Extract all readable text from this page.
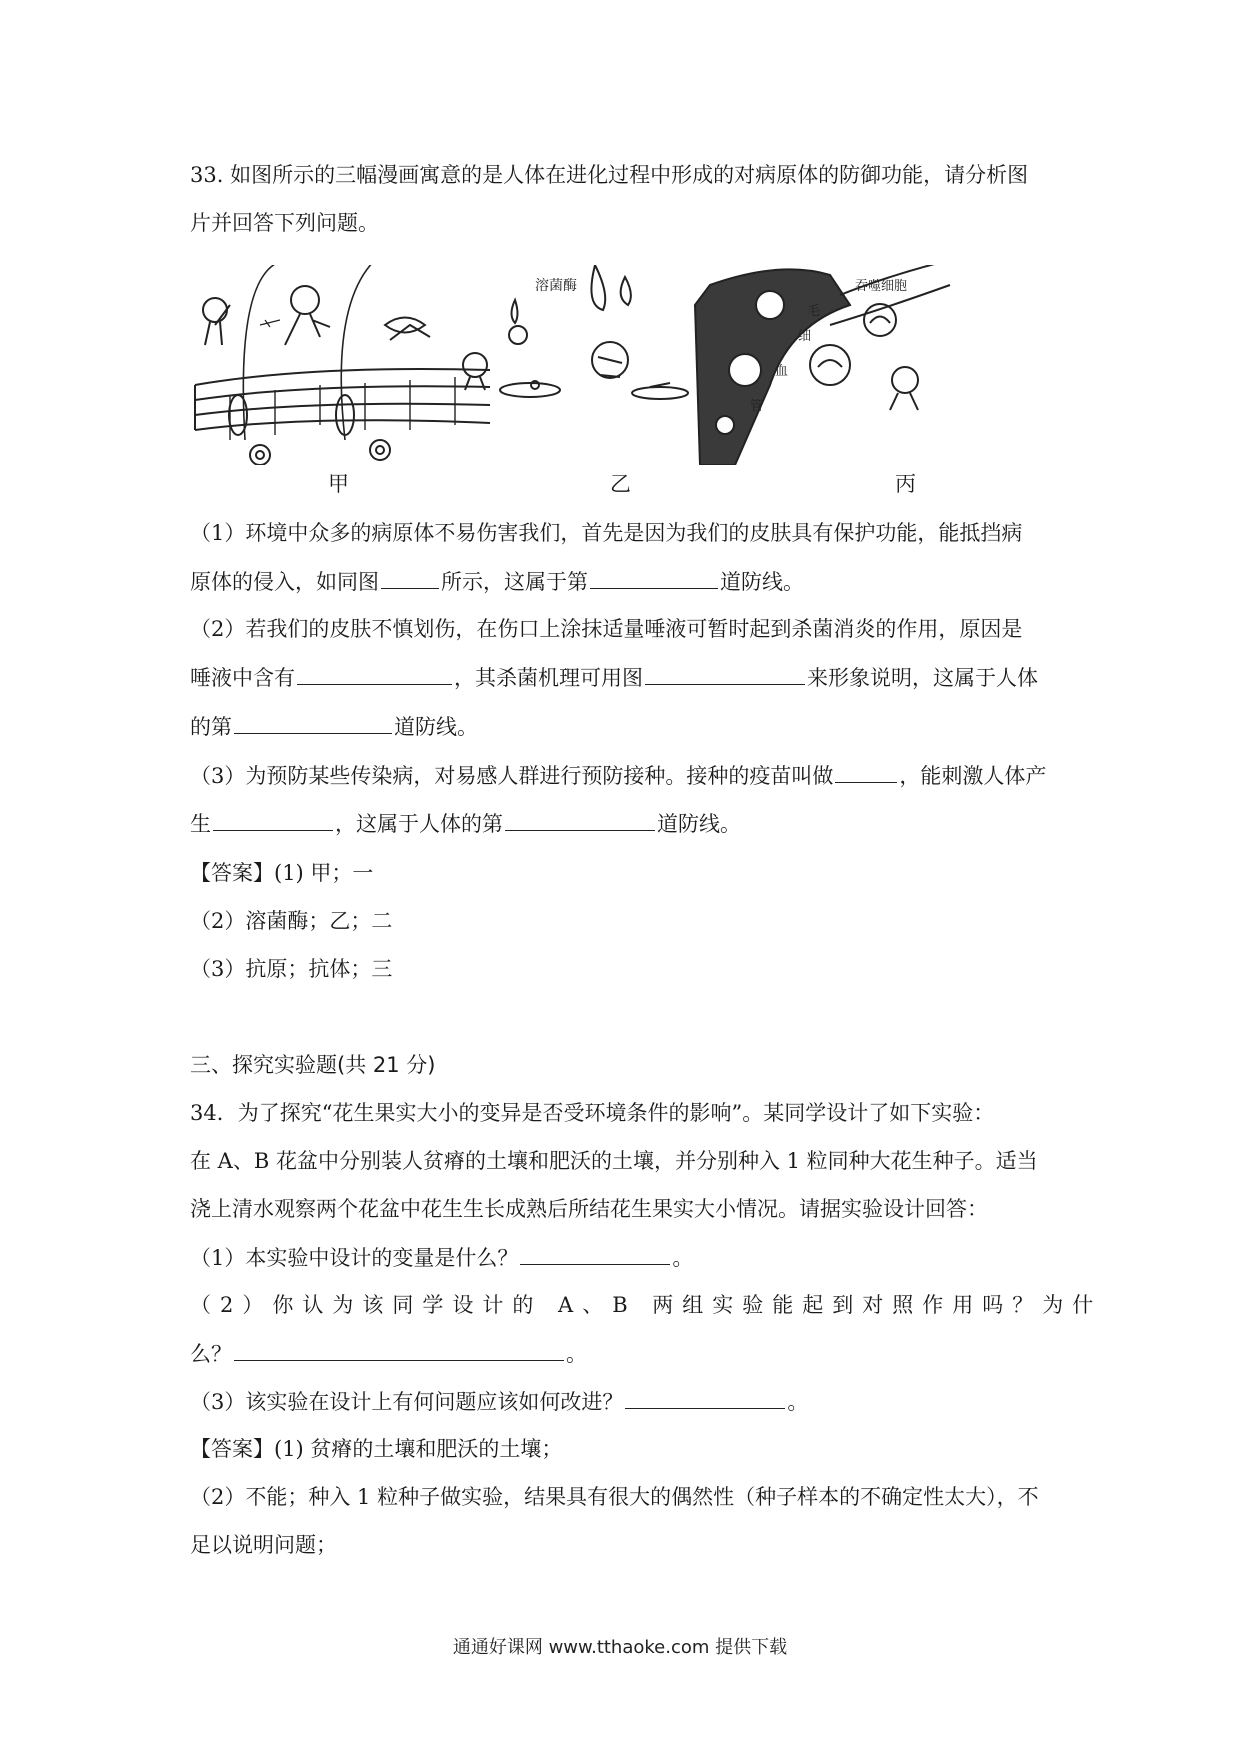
33. 如图所示的三幅漫画寓意的是人体在进化过程中形成的对病原体的防御功能，请分析图
片并回答下列问题。
溶菌酶	吞噬细胞
毛
细
血
管
甲	乙	丙
（1）环境中众多的病原体不易伤害我们，首先是因为我们的皮肤具有保护功能，能抵挡病
原体的侵入，如同图	所示，这属于第	道防线。
（2）若我们的皮肤不慎划伤，在伤口上涂抹适量唾液可暂时起到杀菌消炎的作用，原因是
唾液中含有	，其杀菌机理可用图	来形象说明，这属于人体
的第	道防线。
（3）为预防某些传染病，对易感人群进行预防接种。接种的疫苗叫做	，能刺激人体产
生	，这属于人体的第	道防线。
【答案】(1) 甲；一
（2）溶菌酶；乙；二
（3）抗原；抗体；三
三、探究实验题(共 21 分)
34．为了探究“花生果实大小的变异是否受环境条件的影响”。某同学设计了如下实验：
在 A、B 花盆中分别装人贫瘠的土壤和肥沃的土壤，并分别种入 1 粒同种大花生种子。适当
浇上清水观察两个花盆中花生生长成熟后所结花生果实大小情况。请据实验设计回答：
（1）本实验中设计的变量是什么？	。
（2）你认为该同学设计的 A、B 两组实验能起到对照作用吗？为什
么？	。
（3）该实验在设计上有何问题应该如何改进？	。
【答案】(1) 贫瘠的土壤和肥沃的土壤；
（2）不能；种入 1 粒种子做实验，结果具有很大的偶然性（种子样本的不确定性太大），不
足以说明问题；
通通好课网 www.tthaoke.com 提供下载
